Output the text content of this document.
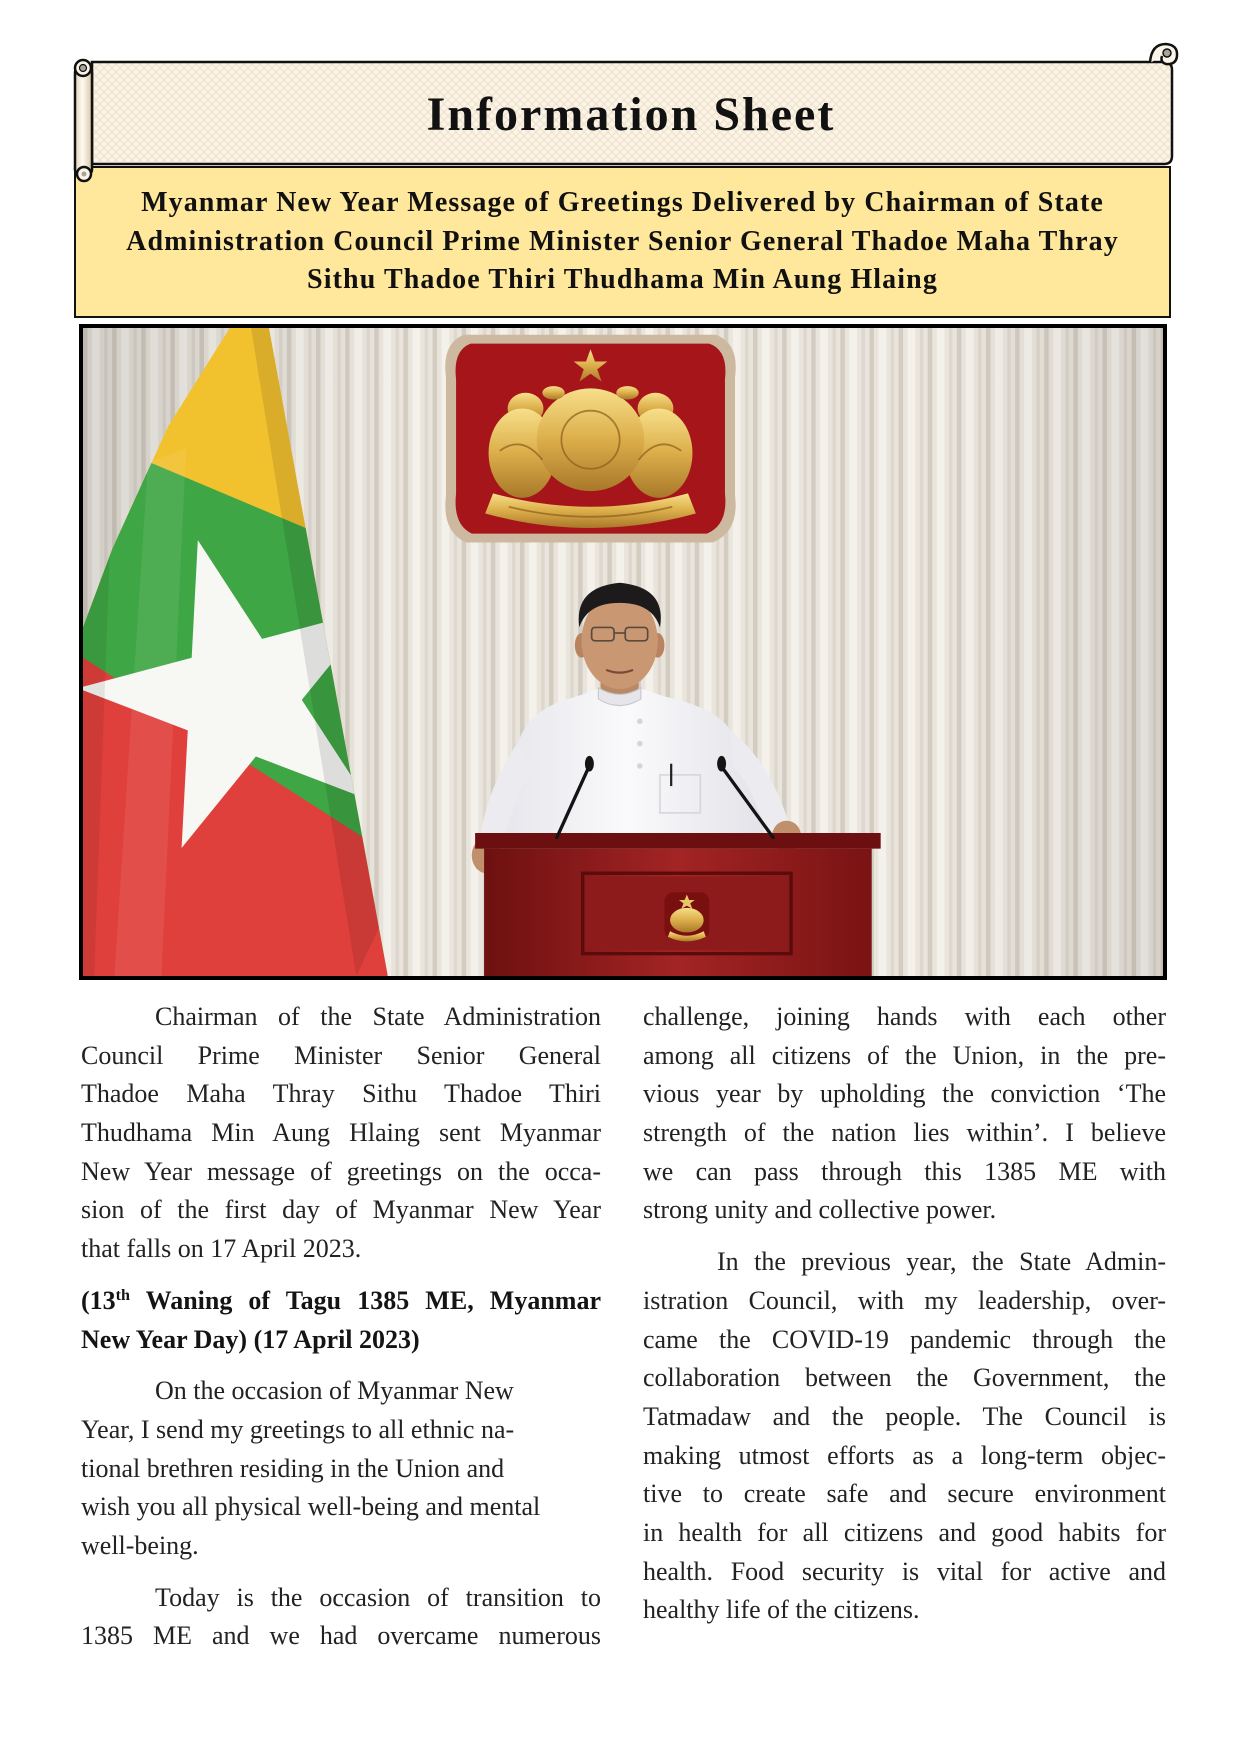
Information Sheet
Myanmar New Year Message of Greetings Delivered by Chairman of State
Administration Council Prime Minister Senior General Thadoe Maha Thray
Sithu Thadoe Thiri Thudhama Min Aung Hlaing
Chairman of the State Administration
Council Prime Minister Senior General
Thadoe Maha Thray Sithu Thadoe Thiri
Thudhama Min Aung Hlaing sent Myanmar
New Year message of greetings on the occa-
sion of the first day of Myanmar New Year
that falls on 17 April 2023.
(13th Waning of Tagu 1385 ME, Myanmar
New Year Day) (17 April 2023)
On the occasion of Myanmar New
Year, I send my greetings to all ethnic na-
tional brethren residing in the Union and
wish you all physical well-being and mental
well-being.
Today is the occasion of transition to
1385 ME and we had overcame numerous
challenge, joining hands with each other
among all citizens of the Union, in the pre-
vious year by upholding the conviction ‘The
strength of the nation lies within’. I believe
we can pass through this 1385 ME with
strong unity and collective power.
In the previous year, the State Admin-
istration Council, with my leadership, over-
came the COVID-19 pandemic through the
collaboration between the Government, the
Tatmadaw and the people. The Council is
making utmost efforts as a long-term objec-
tive to create safe and secure environment
in health for all citizens and good habits for
health. Food security is vital for active and
healthy life of the citizens.
